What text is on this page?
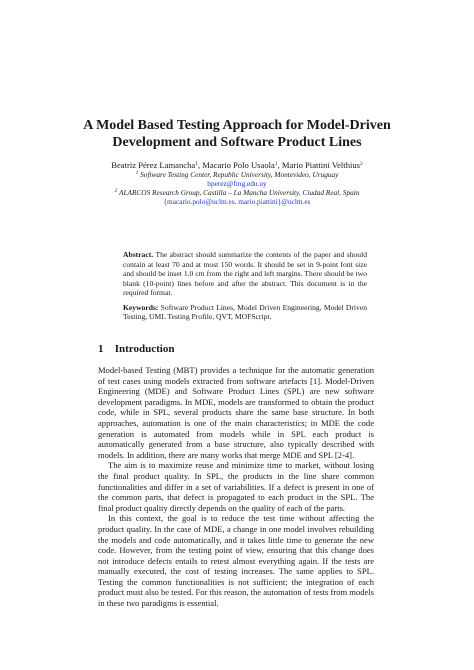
A Model Based Testing Approach for Model-Driven
Development and Software Product Lines
Beatriz Pérez Lamancha$^1$, Macario Polo Usaola$^1$, Mario Piattini Velthius$^2$
$^1$ Software Testing Center, Republic University, Montevideo, Uruguay
bperez@fing.edu.uy
$^2$ ALARCOS Research Group, Castilla – La Mancha University, Ciudad Real, Spain
{macario.polo@uclm.es, mario.piattini}@uclm.es

Abstract. The abstract should summarize the contents of the paper and should contain at least 70 and at most 150 words. It should be set in 9-point font size and should be inset 1.0 cm from the right and left margins. There should be two blank (10-point) lines before and after the abstract. This document is in the required format.

Keywords: Software Product Lines, Model Driven Engineering, Model Driven Testing, UML Testing Profile, QVT, MOFScript.

1 Introduction

Model-based Testing (MBT) provides a technique for the automatic generation of test cases using models extracted from software artefacts [1]. Model-Driven Engineering (MDE) and Software Product Lines (SPL) are new software development paradigms. In MDE, models are transformed to obtain the product code, while in SPL, several products share the same base structure. In both approaches, automation is one of the main characteristics; in MDE the code generation is automated from models while in SPL each product is automatically generated from a base structure, also typically described with models. In addition, there are many works that merge MDE and SPL [2-4].

The aim is to maximize reuse and minimize time to market, without losing the final product quality. In SPL, the products in the line share common functionalities and differ in a set of variabilities. If a defect is present in one of the common parts, that defect is propagated to each product in the SPL. The final product quality directly depends on the quality of each of the parts.

In this context, the goal is to reduce the test time without affecting the product quality. In the case of MDE, a change in one model involves rebuilding the models and code automatically, and it takes little time to generate the new code. However, from the testing point of view, ensuring that this change does not introduce defects entails to retest almost everything again. If the tests are manually executed, the cost of testing increases. The same applies to SPL. Testing the common functionalities is not sufficient; the integration of each product must also be tested. For this reason, the automation of tests from models in these two paradigms is essential.
